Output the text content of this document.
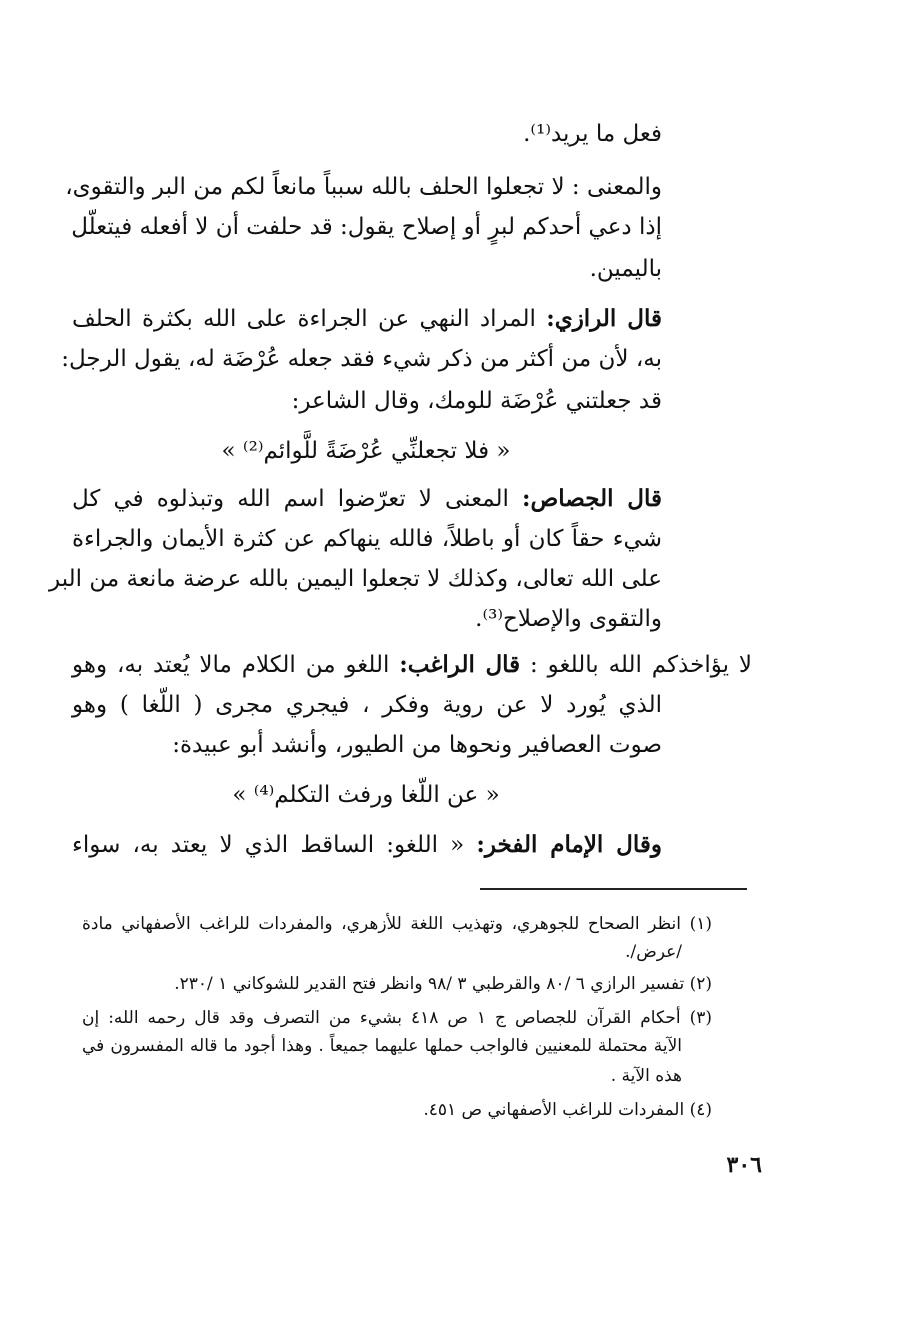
فعل ما يريد⁽¹⁾.
والمعنى : لا تجعلوا الحلف بالله سبباً مانعاً لكم من البر والتقوى،
إذا دعي أحدكم لبرٍ أو إصلاح يقول: قد حلفت أن لا أفعله فيتعلّل
باليمين.
قال الرازي: المراد النهي عن الجراءة على الله بكثرة الحلف
به، لأن من أكثر من ذكر شيء فقد جعله عُرْضَة له، يقول الرجل:
قد جعلتني عُرْضَة للومك، وقال الشاعر:
« فلا تجعلنِّي عُرْضَةً للَّوائم⁽²⁾ »
قال الجصاص: المعنى لا تعرّضوا اسم الله وتبذلوه في كل
شيء حقاً كان أو باطلاً، فالله ينهاكم عن كثرة الأيمان والجراءة
على الله تعالى، وكذلك لا تجعلوا اليمين بالله عرضة مانعة من البر
والتقوى والإصلاح⁽³⁾.
لا يؤاخذكم الله باللغو : قال الراغب: اللغو من الكلام مالا يُعتد به، وهو
الذي يُورد لا عن روية وفكر ، فيجري مجرى ( اللّغا ) وهو
صوت العصافير ونحوها من الطيور، وأنشد أبو عبيدة:
« عن اللّغا ورفث التكلم⁽⁴⁾ »
وقال الإمام الفخر: « اللغو: الساقط الذي لا يعتد به، سواء
(١) انظر الصحاح للجوهري، وتهذيب اللغة للأزهري، والمفردات للراغب الأصفهاني مادة
/عرض/.
(٢) تفسير الرازي ٦ /٨٠ والقرطبي ٣ /٩٨ وانظر فتح القدير للشوكاني ١ /٢٣٠.
(٣) أحكام القرآن للجصاص ج ١ ص ٤١٨ بشيء من التصرف وقد قال رحمه الله: إن
الآية محتملة للمعنيين فالواجب حملها عليهما جميعاً . وهذا أجود ما قاله المفسرون في
هذه الآية .
(٤) المفردات للراغب الأصفهاني ص ٤٥١.
٣٠٦
